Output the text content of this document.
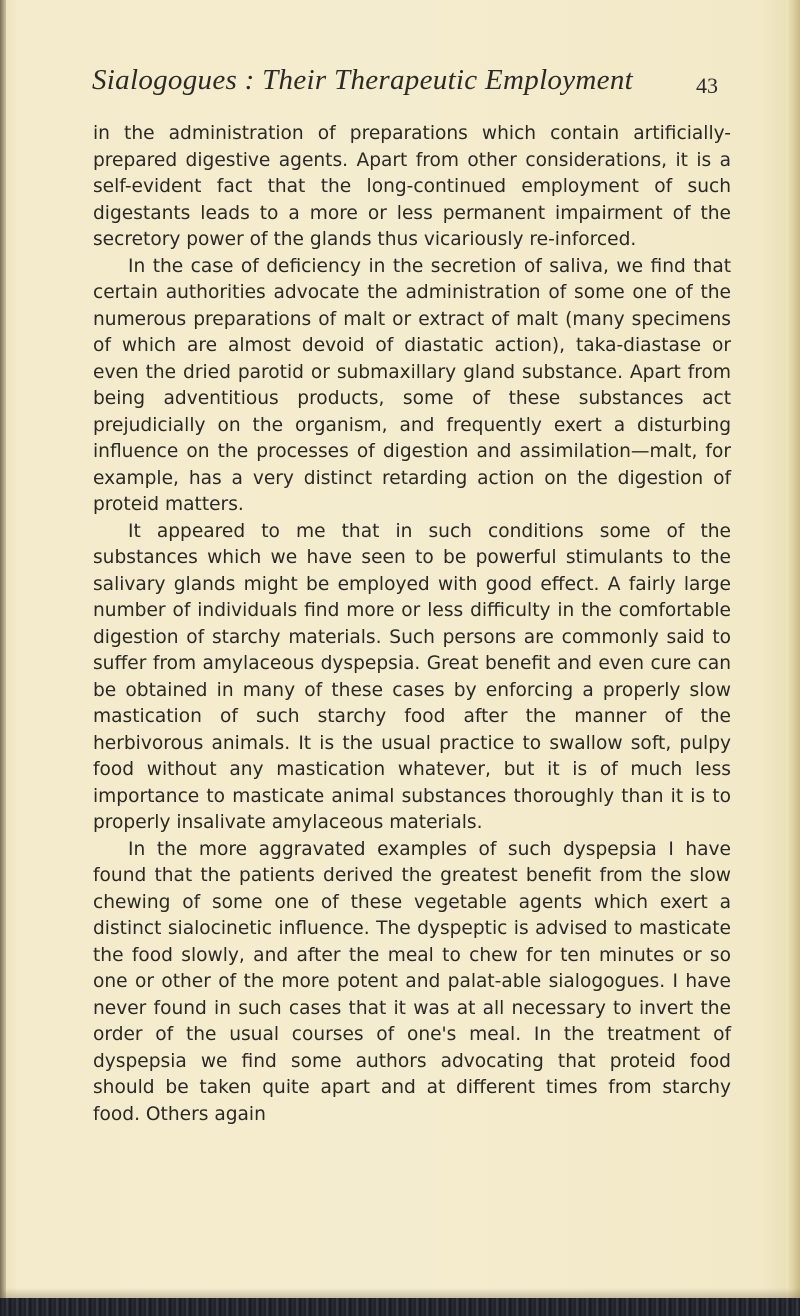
Sialogogues : Their Therapeutic Employment	43

in the administration of preparations which contain artificially-prepared digestive agents. Apart from other considerations, it is a self-evident fact that the long-continued employment of such digestants leads to a more or less permanent impairment of the secretory power of the glands thus vicariously re-inforced.

In the case of deficiency in the secretion of saliva, we find that certain authorities advocate the administration of some one of the numerous preparations of malt or extract of malt (many specimens of which are almost devoid of diastatic action), taka-diastase or even the dried parotid or submaxillary gland substance. Apart from being adventitious products, some of these substances act prejudicially on the organism, and frequently exert a disturbing influence on the processes of digestion and assimilation—malt, for example, has a very distinct retarding action on the digestion of proteid matters.

It appeared to me that in such conditions some of the substances which we have seen to be powerful stimulants to the salivary glands might be employed with good effect. A fairly large number of individuals find more or less difficulty in the comfortable digestion of starchy materials. Such persons are commonly said to suffer from amylaceous dyspepsia. Great benefit and even cure can be obtained in many of these cases by enforcing a properly slow mastication of such starchy food after the manner of the herbivorous animals. It is the usual practice to swallow soft, pulpy food without any mastication whatever, but it is of much less importance to masticate animal substances thoroughly than it is to properly insalivate amylaceous materials.

In the more aggravated examples of such dyspepsia I have found that the patients derived the greatest benefit from the slow chewing of some one of these vegetable agents which exert a distinct sialocinetic influence. The dyspeptic is advised to masticate the food slowly, and after the meal to chew for ten minutes or so one or other of the more potent and palat-able sialogogues. I have never found in such cases that it was at all necessary to invert the order of the usual courses of one's meal. In the treatment of dyspepsia we find some authors advocating that proteid food should be taken quite apart and at different times from starchy food. Others again
